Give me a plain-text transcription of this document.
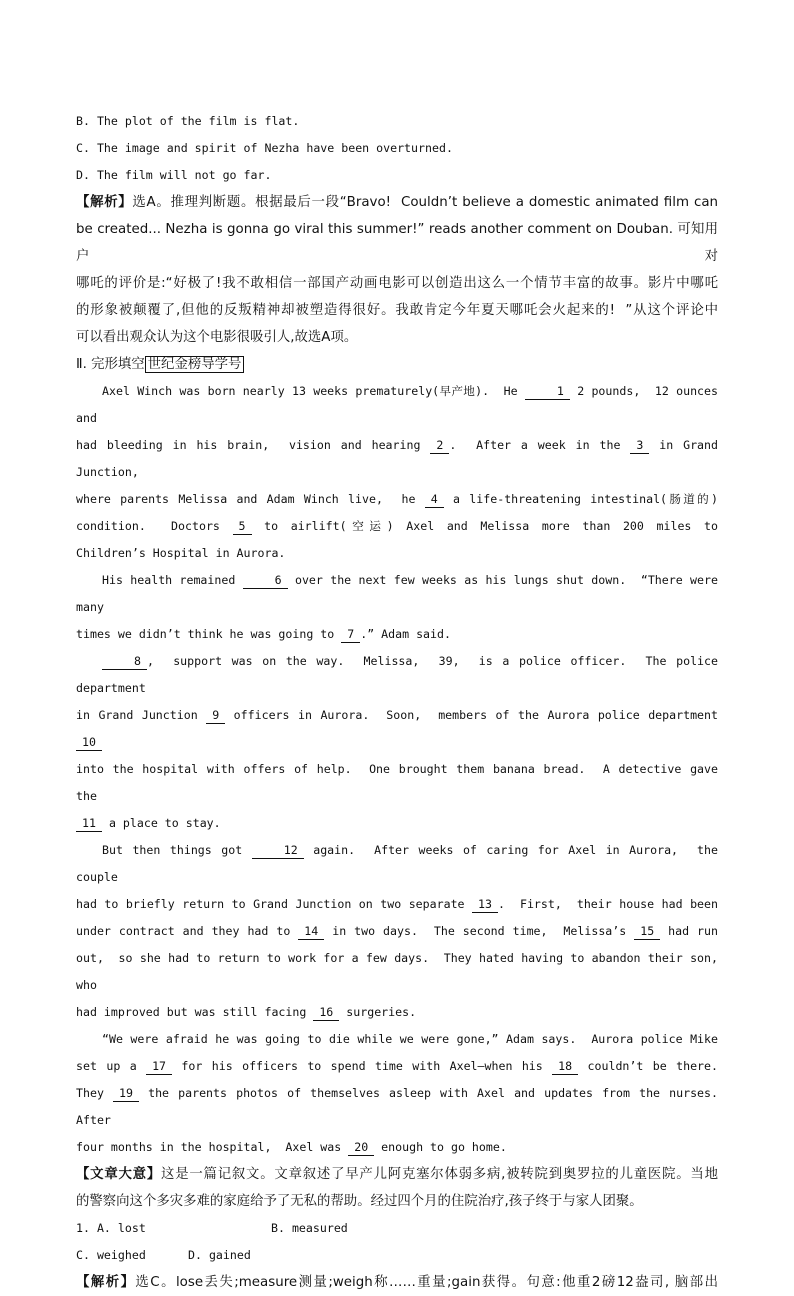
B. The plot of the film is flat.
C. The image and spirit of Nezha have been overturned.
D. The film will not go far.
【解析】选A。推理判断题。根据最后一段“Bravo!  Couldn’t believe a domestic animated film can
be created... Nezha is gonna go viral this summer!” reads another comment on Douban. 可知用户对
哪吒的评价是:“好极了!我不敢相信一部国产动画电影可以创造出这么一个情节丰富的故事。影片中哪吒
的形象被颠覆了,但他的反叛精神却被塑造得很好。我敢肯定今年夏天哪吒会火起来的!  ”从这个评论中
可以看出观众认为这个电影很吸引人,故选A项。
Ⅱ. 完形填空 世纪金榜导学号
Axel Winch was born nearly 13 weeks prematurely(早产地).  He	1 2 pounds,  12 ounces and
had bleeding in his brain,  vision and hearing 2 .  After a week in the 3 in Grand Junction,
where parents Melissa and Adam Winch live,  he 4 a life-threatening intestinal(肠道的)
condition.  Doctors 5 to airlift(空运) Axel and Melissa more than 200 miles to
Children’s Hospital in Aurora.
His health remained	6 over the next few weeks as his lungs shut down.  “There were many
times we didn’t think he was going to 7 .” Adam said.
8 ,  support was on the way.  Melissa,  39,  is a police officer.  The police department
in Grand Junction 9 officers in Aurora.  Soon,  members of the Aurora police department 10
into the hospital with offers of help.  One brought them banana bread.  A detective gave the
11 a place to stay.
But then things got	12 again.  After weeks of caring for Axel in Aurora,  the couple
had to briefly return to Grand Junction on two separate 13 .  First,  their house had been
under contract and they had to 14 in two days.  The second time,  Melissa’s 15 had run
out,  so she had to return to work for a few days.  They hated having to abandon their son,  who
had improved but was still facing 16 surgeries.
“We were afraid he was going to die while we were gone,” Adam says.  Aurora police Mike
set up a 17 for his officers to spend time with Axel—when his 18 couldn’t be there.
They 19 the parents photos of themselves asleep with Axel and updates from the nurses.  After
four months in the hospital,  Axel was 20 enough to go home.
【文章大意】这是一篇记叙文。文章叙述了早产儿阿克塞尔体弱多病,被转院到奥罗拉的儿童医院。当地
的警察向这个多灾多难的家庭给予了无私的帮助。经过四个月的住院治疗,孩子终于与家人团聚。
1. A. lost	B. measured
C. weighed	D. gained
【解析】选C。lose丢失;measure测量;weigh称……重量;gain获得。句意:他重2磅12盎司, 脑部出
